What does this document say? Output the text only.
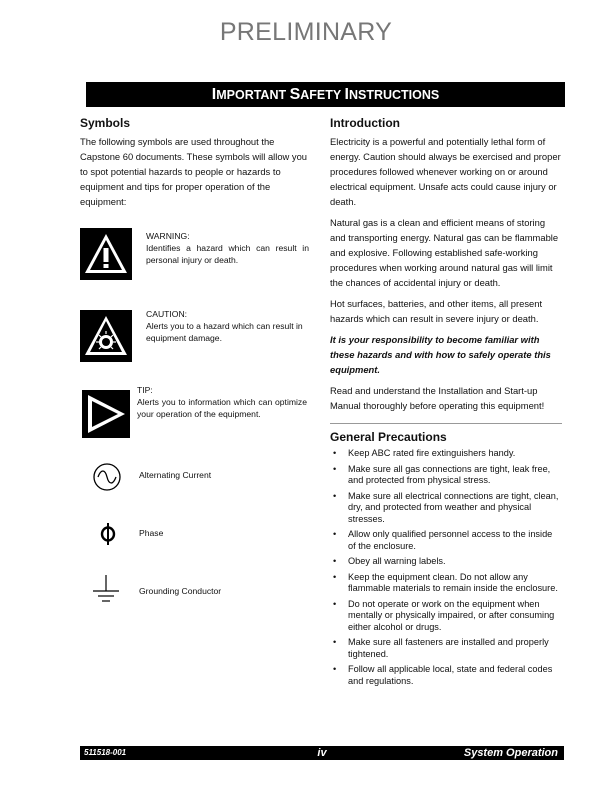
PRELIMINARY
IMPORTANT SAFETY INSTRUCTIONS
Symbols

The following symbols are used throughout the Capstone 60 documents. These symbols will allow you to spot potential hazards to people or hazards to equipment and tips for proper operation of the equipment:

WARNING:
Identifies a hazard which can result in personal injury or death.
CAUTION:
Alerts you to a hazard which can result in equipment damage.
TIP:
Alerts you to information which can optimize your operation of the equipment.
Alternating Current
Phase
Grounding Conductor
Introduction

Electricity is a powerful and potentially lethal form of energy. Caution should always be exercised and proper procedures followed whenever working on or around electrical equipment. Unsafe acts could cause injury or death.

Natural gas is a clean and efficient means of storing and transporting energy. Natural gas can be flammable and explosive. Following established safe-working procedures when working around natural gas will limit the chances of accidental injury or death.

Hot surfaces, batteries, and other items, all present hazards which can result in severe injury or death.

It is your responsibility to become familiar with these hazards and with how to safely operate this equipment.

Read and understand the Installation and Start-up Manual thoroughly before operating this equipment!

General Precautions
• Keep ABC rated fire extinguishers handy.
• Make sure all gas connections are tight, leak free, and protected from physical stress.
• Make sure all electrical connections are tight, clean, dry, and protected from weather and physical stresses.
• Allow only qualified personnel access to the inside of the enclosure.
• Obey all warning labels.
• Keep the equipment clean. Do not allow any flammable materials to remain inside the enclosure.
• Do not operate or work on the equipment when mentally or physically impaired, or after consuming either alcohol or drugs.
• Make sure all fasteners are installed and properly tightened.
• Follow all applicable local, state and federal codes and regulations.
511518-001	iv	System Operation
